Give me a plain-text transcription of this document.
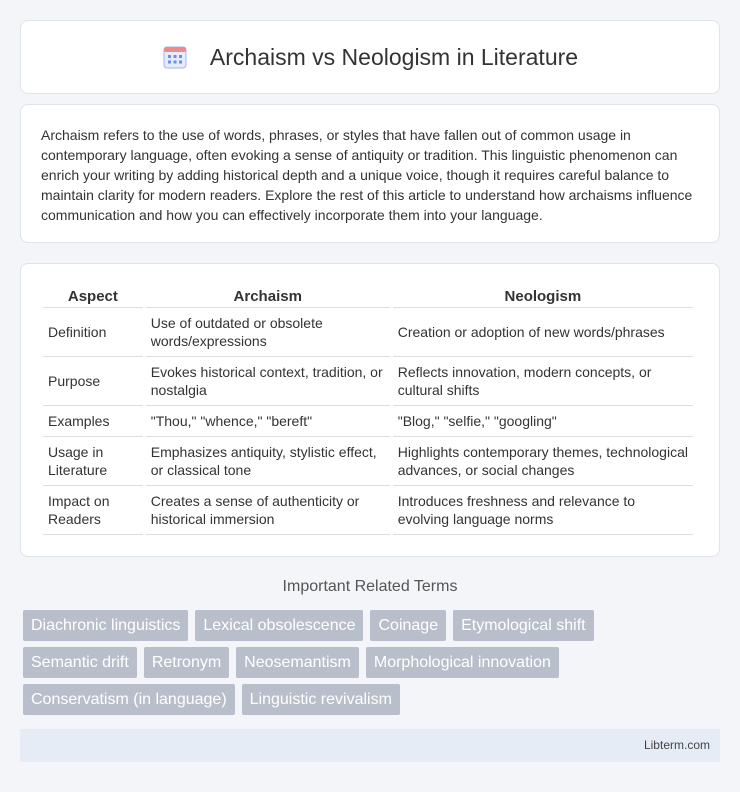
Archaism vs Neologism in Literature

Archaism refers to the use of words, phrases, or styles that have fallen out of common usage in contemporary language, often evoking a sense of antiquity or tradition. This linguistic phenomenon can enrich your writing by adding historical depth and a unique voice, though it requires careful balance to maintain clarity for modern readers. Explore the rest of this article to understand how archaisms influence communication and how you can effectively incorporate them into your language.

Aspect	Archaism	Neologism
Definition	Use of outdated or obsolete words/expressions	Creation or adoption of new words/phrases
Purpose	Evokes historical context, tradition, or nostalgia	Reflects innovation, modern concepts, or cultural shifts
Examples	"Thou," "whence," "bereft"	"Blog," "selfie," "googling"
Usage in Literature	Emphasizes antiquity, stylistic effect, or classical tone	Highlights contemporary themes, technological advances, or social changes
Impact on Readers	Creates a sense of authenticity or historical immersion	Introduces freshness and relevance to evolving language norms
Important Related Terms
Diachronic linguistics	Lexical obsolescence	Coinage	Etymological shift
Semantic drift	Retronym	Neosemantism	Morphological innovation
Conservatism (in language)	Linguistic revivalism
Libterm.com
